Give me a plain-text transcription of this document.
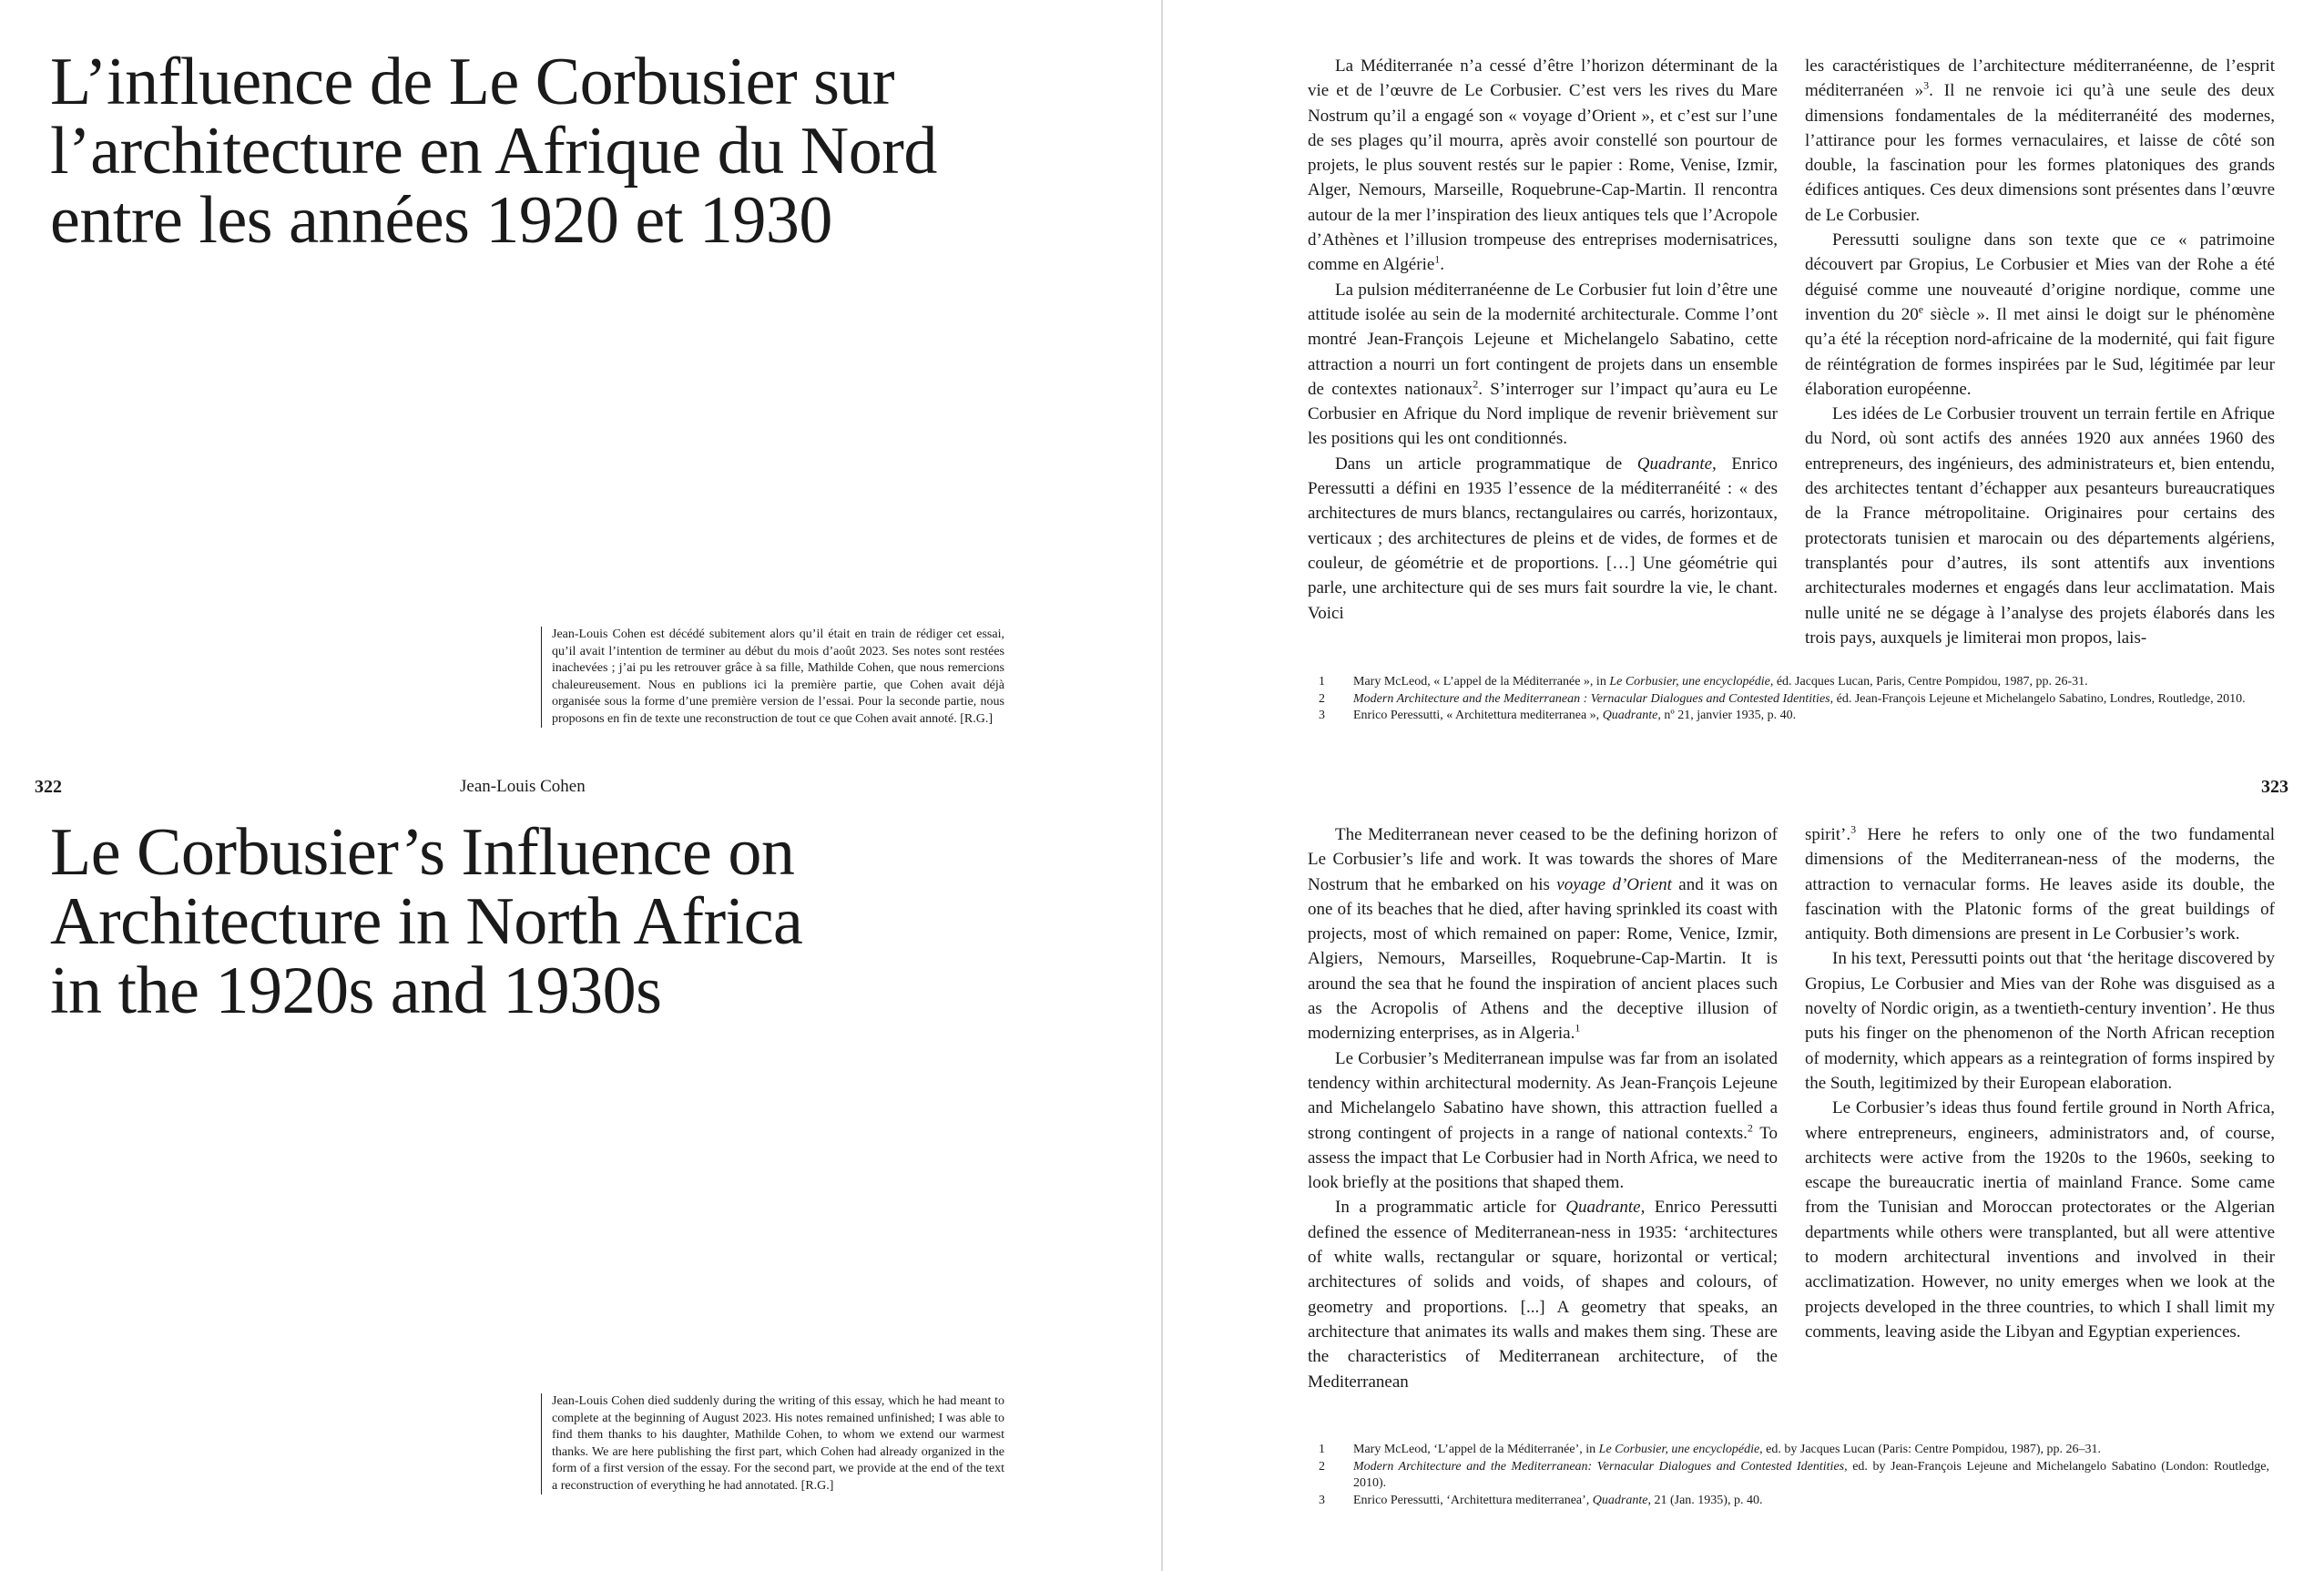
L’influence de Le Corbusier sur
l’architecture en Afrique du Nord
entre les années 1920 et 1930
Jean-Louis Cohen est décédé subitement alors qu’il était en train de rédiger cet essai, qu’il avait l’intention de terminer au début du mois d’août 2023. Ses notes sont restées inachevées ; j’ai pu les retrouver grâce à sa fille, Mathilde Cohen, que nous remercions chaleureusement. Nous en publions ici la première partie, que Cohen avait déjà organisée sous la forme d’une première version de l’essai. Pour la seconde partie, nous proposons en fin de texte une reconstruction de tout ce que Cohen avait annoté. [R.G.]
322	Jean-Louis Cohen
Le Corbusier’s Influence on
Architecture in North Africa
in the 1920s and 1930s
Jean-Louis Cohen died suddenly during the writing of this essay, which he had meant to complete at the beginning of August 2023. His notes remained unfinished; I was able to find them thanks to his daughter, Mathilde Cohen, to whom we extend our warmest thanks. We are here publishing the first part, which Cohen had already organized in the form of a first version of the essay. For the second part, we provide at the end of the text a reconstruction of everything he had annotated. [R.G.]

La Méditerranée n’a cessé d’être l’horizon déterminant de la vie et de l’œuvre de Le Corbusier. C’est vers les rives du Mare Nostrum qu’il a engagé son « voyage d’Orient », et c’est sur l’une de ses plages qu’il mourra, après avoir constellé son pourtour de projets, le plus souvent restés sur le papier : Rome, Venise, Izmir, Alger, Nemours, Marseille, Roquebrune-Cap-Martin. Il rencontra autour de la mer l’inspiration des lieux antiques tels que l’Acropole d’Athènes et l’illusion trompeuse des entreprises modernisatrices, comme en Algérie$^1$.

La pulsion méditerranéenne de Le Corbusier fut loin d’être une attitude isolée au sein de la modernité architecturale. Comme l’ont montré Jean-François Lejeune et Michelangelo Sabatino, cette attraction a nourri un fort contingent de projets dans un ensemble de contextes nationaux$^2$. S’interroger sur l’impact qu’aura eu Le Corbusier en Afrique du Nord implique de revenir brièvement sur les positions qui les ont conditionnés.

Dans un article programmatique de Quadrante, Enrico Peressutti a défini en 1935 l’essence de la méditerranéité : « des architectures de murs blancs, rectangulaires ou carrés, horizontaux, verticaux ; des architectures de pleins et de vides, de formes et de couleur, de géométrie et de proportions. […] Une géométrie qui parle, une architecture qui de ses murs fait sourdre la vie, le chant. Voici

les caractéristiques de l’architecture méditerranéenne, de l’esprit méditerranéen »$^3$. Il ne renvoie ici qu’à une seule des deux dimensions fondamentales de la méditerranéité des modernes, l’attirance pour les formes vernaculaires, et laisse de côté son double, la fascination pour les formes platoniques des grands édifices antiques. Ces deux dimensions sont présentes dans l’œuvre de Le Corbusier.

Peressutti souligne dans son texte que ce « patrimoine découvert par Gropius, Le Corbusier et Mies van der Rohe a été déguisé comme une nouveauté d’origine nordique, comme une invention du 20e siècle ». Il met ainsi le doigt sur le phénomène qu’a été la réception nord-africaine de la modernité, qui fait figure de réintégration de formes inspirées par le Sud, légitimée par leur élaboration européenne.

Les idées de Le Corbusier trouvent un terrain fertile en Afrique du Nord, où sont actifs des années 1920 aux années 1960 des entrepreneurs, des ingénieurs, des administrateurs et, bien entendu, des architectes tentant d’échapper aux pesanteurs bureaucratiques de la France métropolitaine. Originaires pour certains des protectorats tunisien et marocain ou des départements algériens, transplantés pour d’autres, ils sont attentifs aux inventions architecturales modernes et engagés dans leur acclimatation. Mais nulle unité ne se dégage à l’analyse des projets élaborés dans les trois pays, auxquels je limiterai mon propos, lais-

1	Mary McLeod, « L’appel de la Méditerranée », in Le Corbusier, une encyclopédie, éd. Jacques Lucan, Paris, Centre Pompidou, 1987, pp. 26-31.
2	Modern Architecture and the Mediterranean : Vernacular Dialogues and Contested Identities, éd. Jean-François Lejeune et Michelangelo Sabatino, Londres, Routledge, 2010.
3	Enrico Peressutti, « Architettura mediterranea », Quadrante, nº 21, janvier 1935, p. 40.
323

The Mediterranean never ceased to be the defining horizon of Le Corbusier’s life and work. It was towards the shores of Mare Nostrum that he embarked on his voyage d’Orient and it was on one of its beaches that he died, after having sprinkled its coast with projects, most of which remained on paper: Rome, Venice, Izmir, Algiers, Nemours, Marseilles, Roquebrune-Cap-Martin. It is around the sea that he found the inspiration of ancient places such as the Acropolis of Athens and the deceptive illusion of modernizing enterprises, as in Algeria.$^1$

Le Corbusier’s Mediterranean impulse was far from an isolated tendency within architectural modernity. As Jean-François Lejeune and Michelangelo Sabatino have shown, this attraction fuelled a strong contingent of projects in a range of national contexts.$^2$ To assess the impact that Le Corbusier had in North Africa, we need to look briefly at the positions that shaped them.

In a programmatic article for Quadrante, Enrico Peressutti defined the essence of Mediterranean-ness in 1935: ‘architectures of white walls, rectangular or square, horizontal or vertical; architectures of solids and voids, of shapes and colours, of geometry and proportions. [...] A geometry that speaks, an architecture that animates its walls and makes them sing. These are the characteristics of Mediterranean architecture, of the Mediterranean

spirit’.$^3$ Here he refers to only one of the two fundamental dimensions of the Mediterranean-ness of the moderns, the attraction to vernacular forms. He leaves aside its double, the fascination with the Platonic forms of the great buildings of antiquity. Both dimensions are present in Le Corbusier’s work.

In his text, Peressutti points out that ‘the heritage discovered by Gropius, Le Corbusier and Mies van der Rohe was disguised as a novelty of Nordic origin, as a twentieth-century invention’. He thus puts his finger on the phenomenon of the North African reception of modernity, which appears as a reintegration of forms inspired by the South, legitimized by their European elaboration.

Le Corbusier’s ideas thus found fertile ground in North Africa, where entrepreneurs, engineers, administrators and, of course, architects were active from the 1920s to the 1960s, seeking to escape the bureaucratic inertia of mainland France. Some came from the Tunisian and Moroccan protectorates or the Algerian departments while others were transplanted, but all were attentive to modern architectural inventions and involved in their acclimatization. However, no unity emerges when we look at the projects developed in the three countries, to which I shall limit my comments, leaving aside the Libyan and Egyptian experiences.

1	Mary McLeod, ‘L’appel de la Méditerranée’, in Le Corbusier, une encyclopédie, ed. by Jacques Lucan (Paris: Centre Pompidou, 1987), pp. 26–31.
2	Modern Architecture and the Mediterranean: Vernacular Dialogues and Contested Identities, ed. by Jean-François Lejeune and Michelangelo Sabatino (London: Routledge, 2010).
3	Enrico Peressutti, ‘Architettura mediterranea’, Quadrante, 21 (Jan. 1935), p. 40.
